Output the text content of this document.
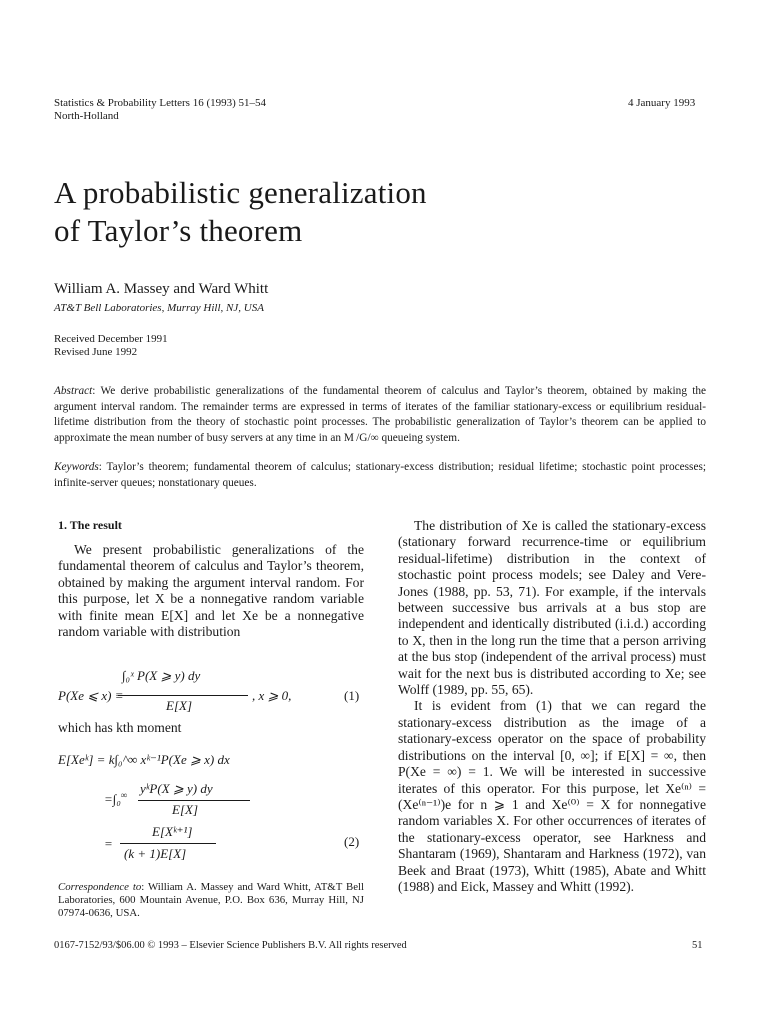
Statistics & Probability Letters 16 (1993) 51–54
North-Holland
4 January 1993
A probabilistic generalization
of Taylor’s theorem
William A. Massey and Ward Whitt
AT&T Bell Laboratories, Murray Hill, NJ, USA
Received December 1991
Revised June 1992
Abstract: We derive probabilistic generalizations of the fundamental theorem of calculus and Taylor’s theorem, obtained by making the argument interval random. The remainder terms are expressed in terms of iterates of the familiar stationary-excess or equilibrium residual-lifetime distribution from the theory of stochastic point processes. The probabilistic generalization of Taylor’s theorem can be applied to approximate the mean number of busy servers at any time in an M /G/∞ queueing system.
Keywords: Taylor’s theorem; fundamental theorem of calculus; stationary-excess distribution; residual lifetime; stochastic point processes; infinite-server queues; nonstationary queues.
1. The result

We present probabilistic generalizations of the fundamental theorem of calculus and Taylor’s theorem, obtained by making the argument interval random. For this purpose, let X be a nonnegative random variable with finite mean E[X] and let Xe be a nonnegative random variable with distribution

∫₀ˣ P(X ⩾ y) dy
P(Xe ⩽ x) ≡
E[X]
, x ⩾ 0,	(1)
which has kth moment
E[Xeᵏ] = k∫₀^∞ xᵏ⁻¹P(Xe ⩾ x) dx
=∫₀∞ yᵏP(X ⩾ y) dy
E[X]
=
E[Xᵏ⁺¹]
(k + 1)E[X]
(2)
Correspondence to: William A. Massey and Ward Whitt, AT&T Bell Laboratories, 600 Mountain Avenue, P.O. Box 636, Murray Hill, NJ 07974-0636, USA.

The distribution of Xe is called the stationary-excess (stationary forward recurrence-time or equilibrium residual-lifetime) distribution in the context of stochastic point process models; see Daley and Vere-Jones (1988, pp. 53, 71). For example, if the intervals between successive bus arrivals at a bus stop are independent and identically distributed (i.i.d.) according to X, then in the long run the time that a person arriving at the bus stop (independent of the arrival process) must wait for the next bus is distributed according to Xe; see Wolff (1989, pp. 55, 65).

It is evident from (1) that we can regard the stationary-excess distribution as the image of a stationary-excess operator on the space of probability distributions on the interval [0, ∞]; if E[X] = ∞, then P(Xe = ∞) = 1. We will be interested in successive iterates of this operator. For this purpose, let Xe⁽ⁿ⁾ = (Xe⁽ⁿ⁻¹⁾)e for n ⩾ 1 and Xe⁽⁰⁾ = X for nonnegative random variables X. For other occurrences of iterates of the stationary-excess operator, see Harkness and Shantaram (1969), Shantaram and Harkness (1972), van Beek and Braat (1973), Whitt (1985), Abate and Whitt (1988) and Eick, Massey and Whitt (1992).

0167-7152/93/$06.00 © 1993 – Elsevier Science Publishers B.V. All rights reserved	51
